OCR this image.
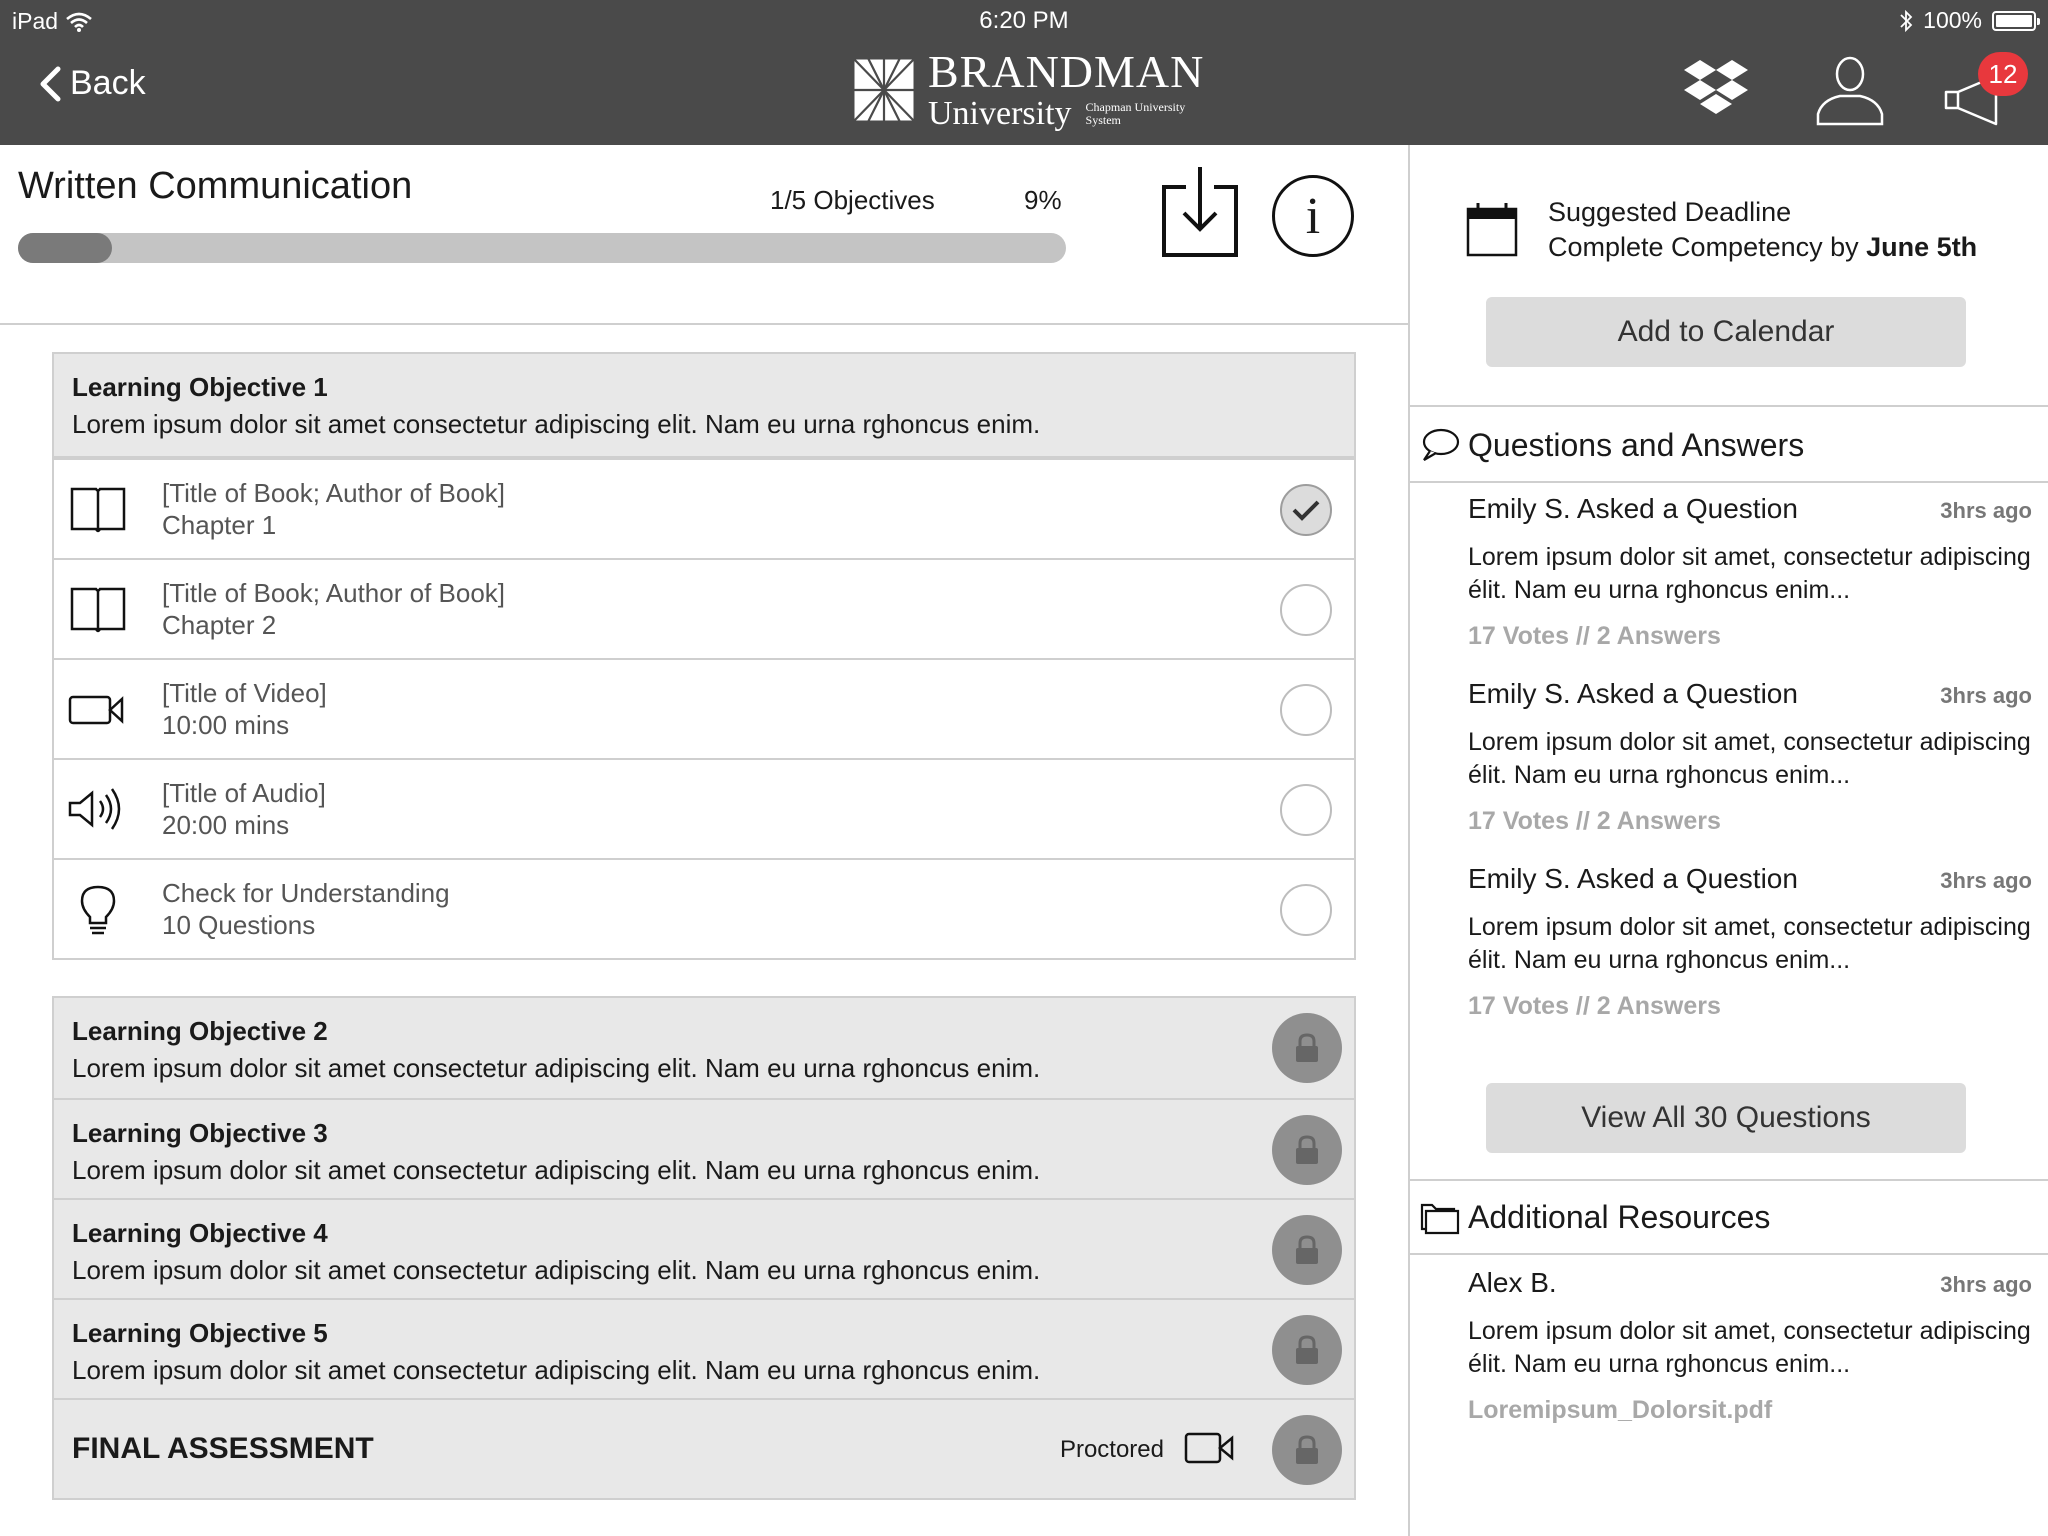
iPad	6:20 PM	100%
Back	BRANDMAN
University Chapman University
System
12
Written Communication	1/5 Objectives	9%	i
Learning Objective 1
Lorem ipsum dolor sit amet consectetur adipiscing elit. Nam eu urna rghoncus enim.
[Title of Book; Author of Book]
Chapter 1
[Title of Book; Author of Book]
Chapter 2
[Title of Video]
10:00 mins
[Title of Audio]
20:00 mins
Check for Understanding
10 Questions
Learning Objective 2
Lorem ipsum dolor sit amet consectetur adipiscing elit. Nam eu urna rghoncus enim.
Learning Objective 3
Lorem ipsum dolor sit amet consectetur adipiscing elit. Nam eu urna rghoncus enim.
Learning Objective 4
Lorem ipsum dolor sit amet consectetur adipiscing elit. Nam eu urna rghoncus enim.
Learning Objective 5
Lorem ipsum dolor sit amet consectetur adipiscing elit. Nam eu urna rghoncus enim.
FINAL ASSESSMENT	Proctored
Suggested Deadline
Complete Competency by June 5th
Add to Calendar
Questions and Answers
Emily S. Asked a Question	3hrs ago
Lorem ipsum dolor sit amet, consectetur adipiscing élit. Nam eu urna rghoncus enim...
17 Votes // 2 Answers
Emily S. Asked a Question	3hrs ago
Lorem ipsum dolor sit amet, consectetur adipiscing élit. Nam eu urna rghoncus enim...
17 Votes // 2 Answers
Emily S. Asked a Question	3hrs ago
Lorem ipsum dolor sit amet, consectetur adipiscing élit. Nam eu urna rghoncus enim...
17 Votes // 2 Answers
View All 30 Questions
Additional Resources
Alex B.	3hrs ago
Lorem ipsum dolor sit amet, consectetur adipiscing élit. Nam eu urna rghoncus enim...
Loremipsum_Dolorsit.pdf
